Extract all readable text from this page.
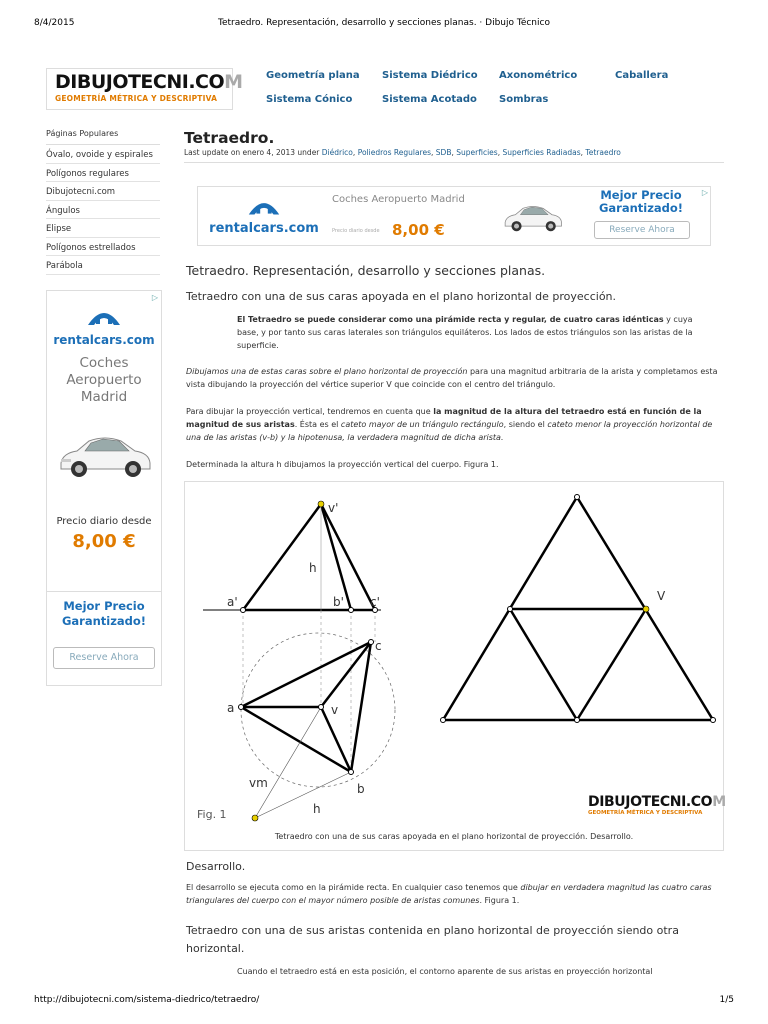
8/4/2015	Tetraedro. Representación, desarrollo y secciones planas. · Dibujo Técnico
DIBUJOTECNI.COM
GEOMETRÍA MÉTRICA Y DESCRIPTIVA
Geometría plana Sistema Diédrico Axonométrico	Caballera
Sistema Cónico	Sistema Acotado Sombras
Páginas Populares
Óvalo, ovoide y espirales
Polígonos regulares
Dibujotecni.com
Ángulos
Elipse
Polígonos estrellados
Parábola
▷
rentalcars.com
Coches
Aeropuerto
Madrid
Precio diario desde
8,00 €
Mejor Precio
Garantizado!
Reserve Ahora
Tetraedro.
Last update on enero 4, 2013 under Diédrico, Poliedros Regulares, SDB, Superficies, Superficies Radiadas, Tetraedro
▷
rentalcars.com
Coches Aeropuerto Madrid
Precio diario desde 8,00 €
Mejor Precio
Garantizado!
Reserve Ahora
Tetraedro. Representación, desarrollo y secciones planas.
Tetraedro con una de sus caras apoyada en el plano horizontal de proyección.
El Tetraedro se puede considerar como una pirámide recta y regular, de cuatro caras idénticas y cuya base, y por tanto sus caras laterales son triángulos equiláteros. Los lados de estos triángulos son las aristas de la superficie.
Dibujamos una de estas caras sobre el plano horizontal de proyección para una magnitud arbitraria de la arista y completamos esta vista dibujando la proyección del vértice superior V que coincide con el centro del triángulo.
Para dibujar la proyección vertical, tendremos en cuenta que la magnitud de la altura del tetraedro está en función de la magnitud de sus aristas. Ésta es el cateto mayor de un triángulo rectángulo, siendo el cateto menor la proyección horizontal de una de las aristas (v-b) y la hipotenusa, la verdadera magnitud de dicha arista.
Determinada la altura h dibujamos la proyección vertical del cuerpo. Figura 1.
v'
h
a'	b' c'
c
a	v
vm	b
h
V
Fig. 1
DIBUJOTECNI.COM
GEOMETRÍA MÉTRICA Y DESCRIPTIVA
Tetraedro con una de sus caras apoyada en el plano horizontal de proyección. Desarrollo.
Desarrollo.
El desarrollo se ejecuta como en la pirámide recta. En cualquier caso tenemos que dibujar en verdadera magnitud las cuatro caras triangulares del cuerpo con el mayor número posible de aristas comunes. Figura 1.
Tetraedro con una de sus aristas contenida en plano horizontal de proyección siendo otra horizontal.
Cuando el tetraedro está en esta posición, el contorno aparente de sus aristas en proyección horizontal
http://dibujotecni.com/sistema-diedrico/tetraedro/	1/5
